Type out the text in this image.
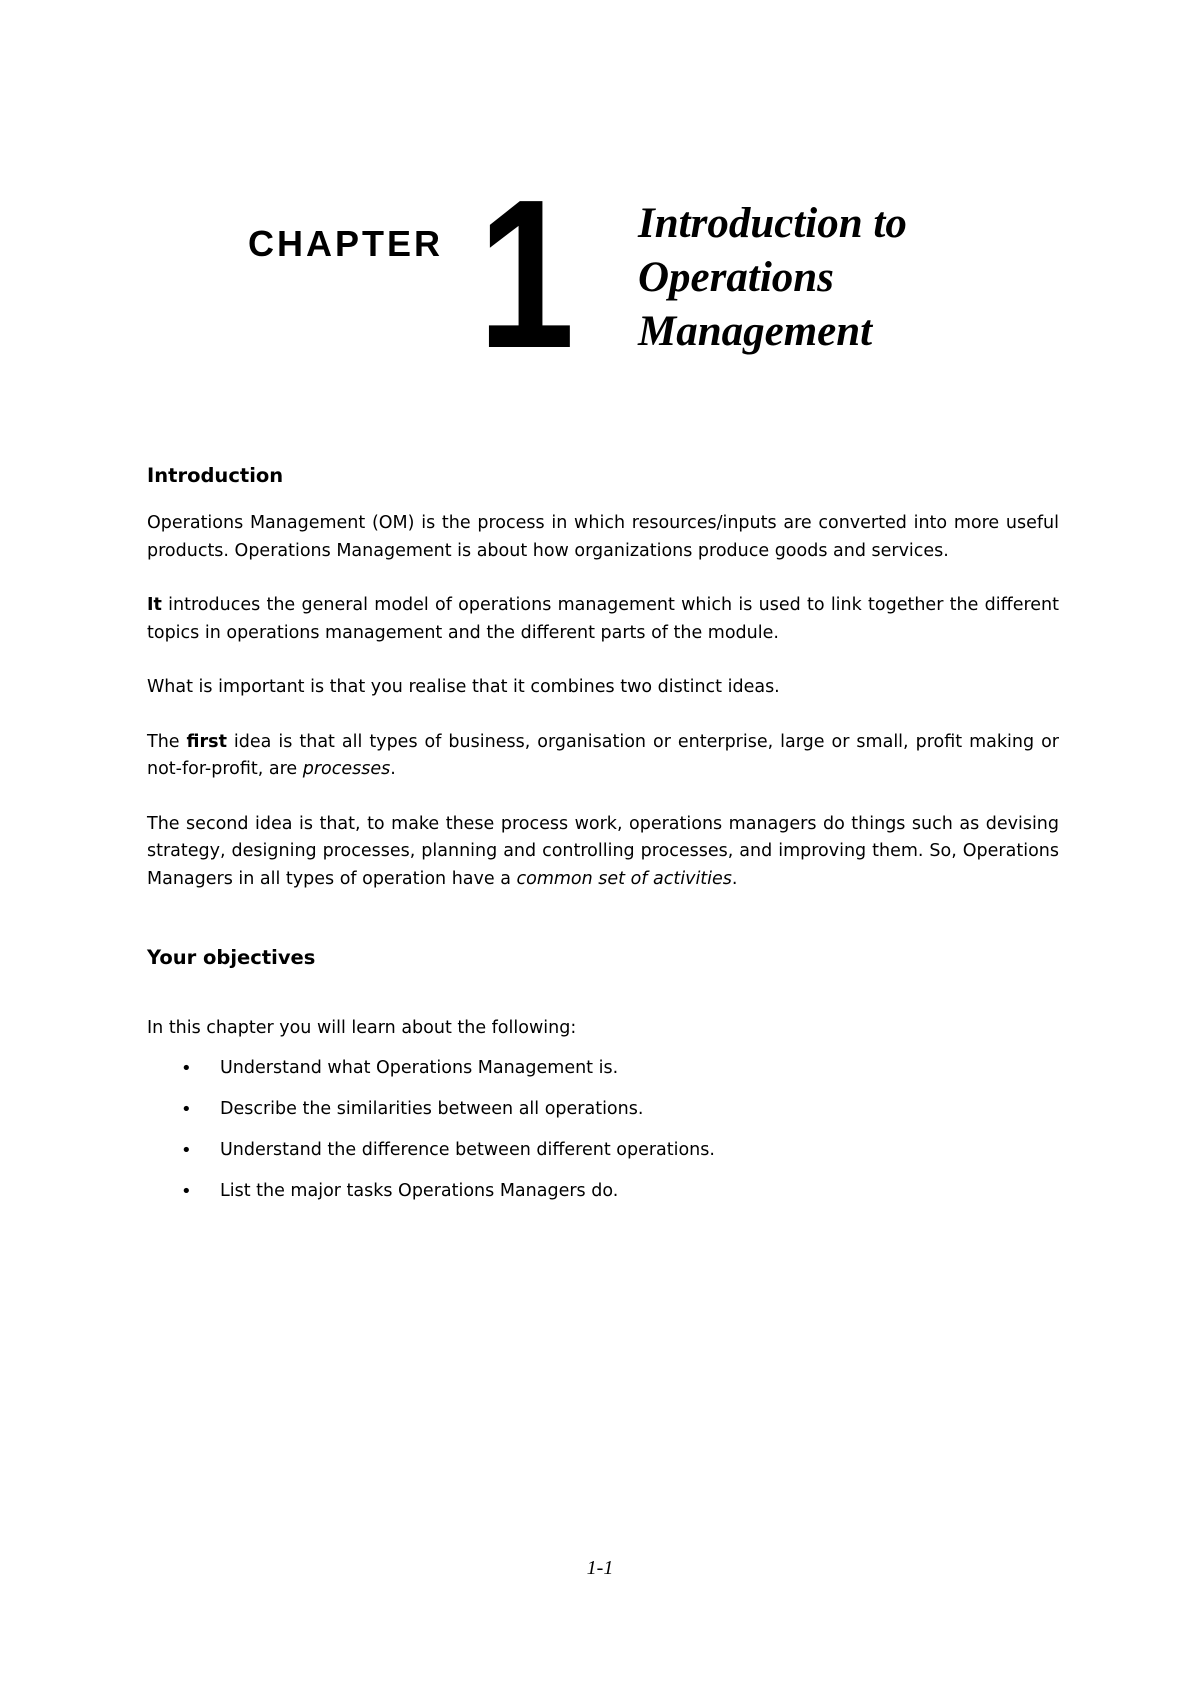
CHAPTER 1 Introduction to
Operations
Management
Introduction

Operations Management (OM) is the process in which resources/inputs are converted into more useful products. Operations Management is about how organizations produce goods and services.

It introduces the general model of operations management which is used to link together the different topics in operations management and the different parts of the module.

What is important is that you realise that it combines two distinct ideas.

The first idea is that all types of business, organisation or enterprise, large or small, profit making or not-for-profit, are processes.

The second idea is that, to make these process work, operations managers do things such as devising strategy, designing processes, planning and controlling processes, and improving them. So, Operations Managers in all types of operation have a common set of activities.

Your objectives

In this chapter you will learn about the following:

• Understand what Operations Management is.
• Describe the similarities between all operations.
• Understand the difference between different operations.
• List the major tasks Operations Managers do.
1-1
